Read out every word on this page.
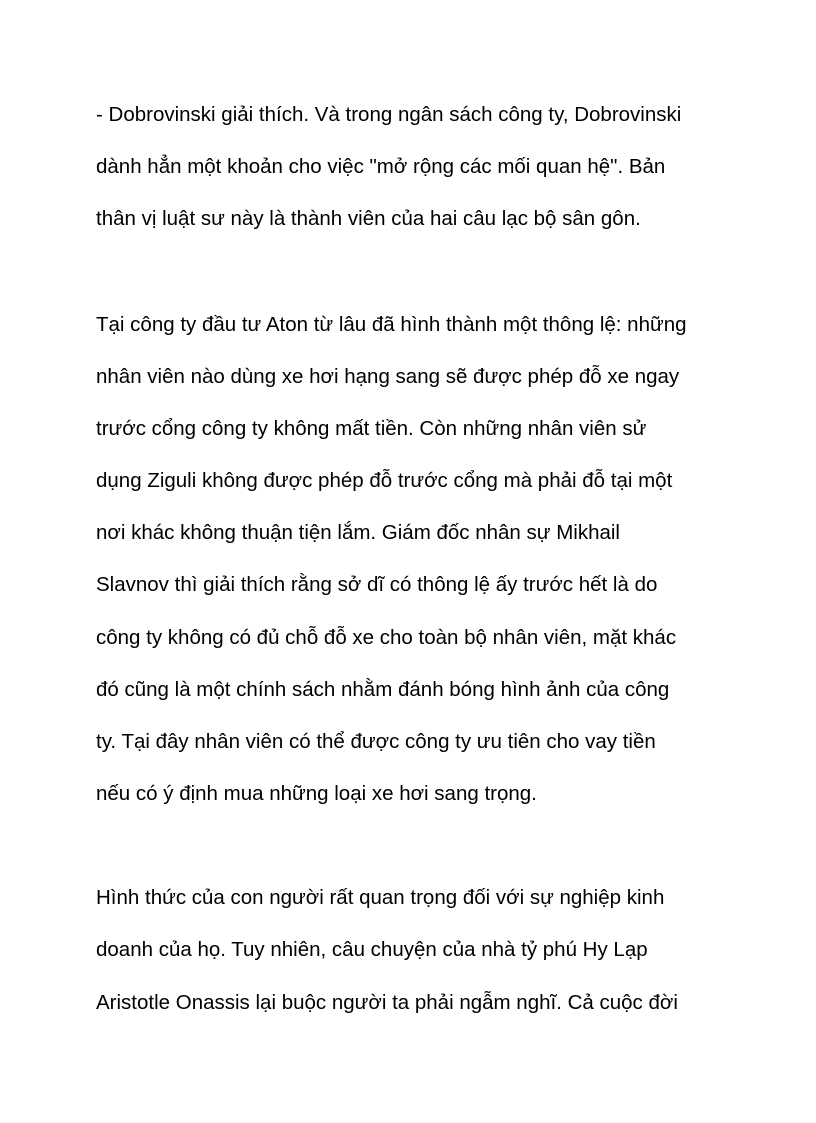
- Dobrovinski giải thích. Và trong ngân sách công ty, Dobrovinski

dành hẳn một khoản cho việc "mở rộng các mối quan hệ". Bản

thân vị luật sư này là thành viên của hai câu lạc bộ sân gôn.

Tại công ty đầu tư Aton từ lâu đã hình thành một thông lệ: những

nhân viên nào dùng xe hơi hạng sang sẽ được phép đỗ xe ngay

trước cổng công ty không mất tiền. Còn những nhân viên sử

dụng Ziguli không được phép đỗ trước cổng mà phải đỗ tại một

nơi khác không thuận tiện lắm. Giám đốc nhân sự Mikhail

Slavnov thì giải thích rằng sở dĩ có thông lệ ấy trước hết là do

công ty không có đủ chỗ đỗ xe cho toàn bộ nhân viên, mặt khác

đó cũng là một chính sách nhằm đánh bóng hình ảnh của công

ty. Tại đây nhân viên có thể được công ty ưu tiên cho vay tiền

nếu có ý định mua những loại xe hơi sang trọng.

Hình thức của con người rất quan trọng đối với sự nghiệp kinh

doanh của họ. Tuy nhiên, câu chuyện của nhà tỷ phú Hy Lạp

Aristotle Onassis lại buộc người ta phải ngẫm nghĩ. Cả cuộc đời
